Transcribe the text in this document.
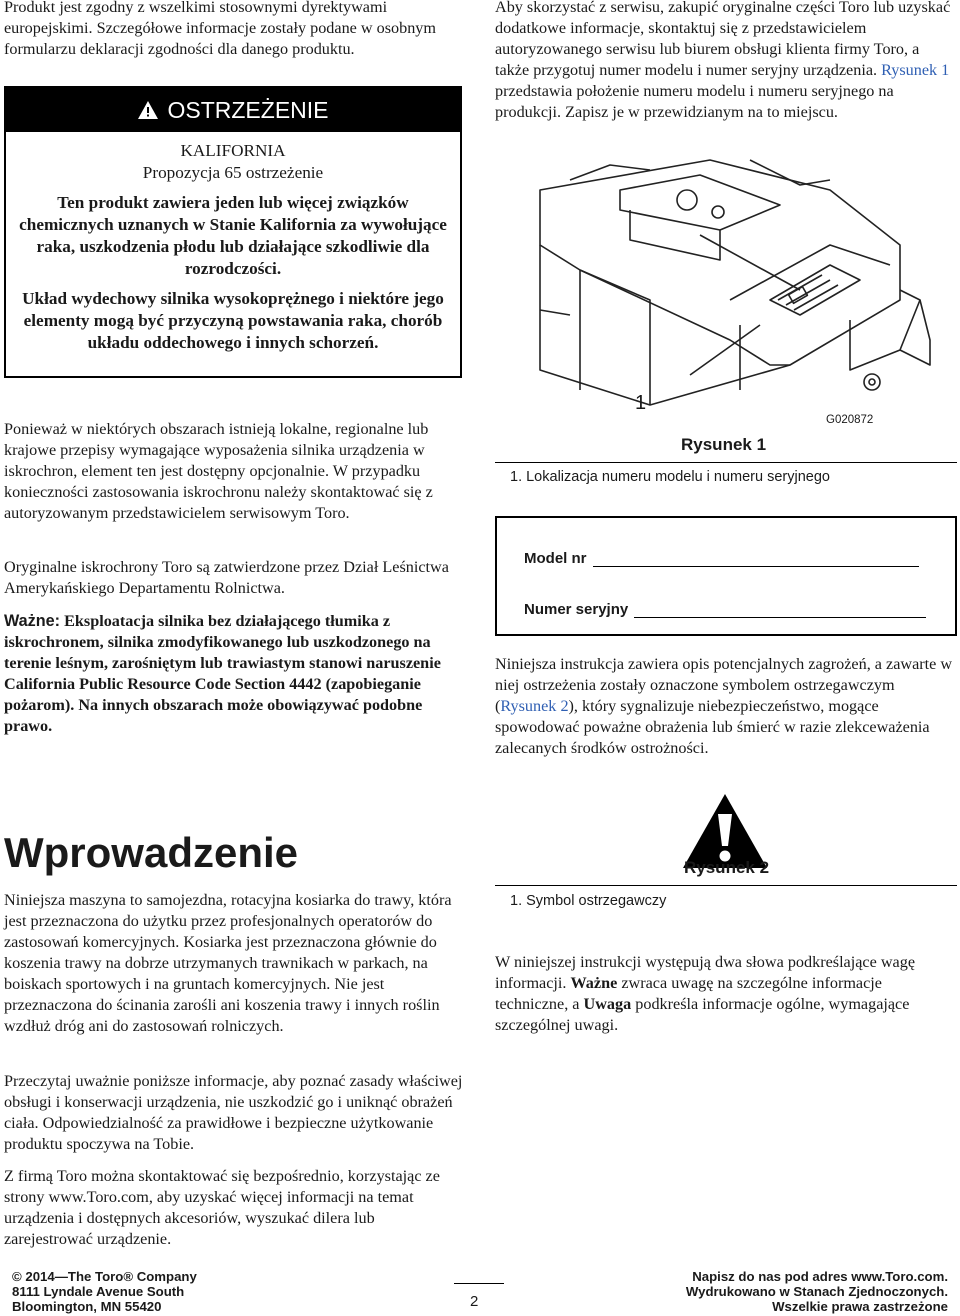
Produkt jest zgodny z wszelkimi stosownymi dyrektywami europejskimi. Szczegółowe informacje zostały podane w osobnym formularzu deklaracji zgodności dla danego produktu.

OSTRZEŻENIE
KALIFORNIA
Propozycja 65 ostrzeżenie
Ten produkt zawiera jeden lub więcej związków chemicznych uznanych w Stanie Kalifornia za wywołujące raka, uszkodzenia płodu lub działające szkodliwie dla rozrodczości.
Układ wydechowy silnika wysokoprężnego i niektóre jego elementy mogą być przyczyną powstawania raka, chorób układu oddechowego i innych schorzeń.

Ponieważ w niektórych obszarach istnieją lokalne, regionalne lub krajowe przepisy wymagające wyposażenia silnika urządzenia w iskrochron, element ten jest dostępny opcjonalnie. W przypadku konieczności zastosowania iskrochronu należy skontaktować się z autoryzowanym przedstawicielem serwisowym Toro.

Oryginalne iskrochrony Toro są zatwierdzone przez Dział Leśnictwa Amerykańskiego Departamentu Rolnictwa.

Ważne: Eksploatacja silnika bez działającego tłumika z iskrochronem, silnika zmodyfikowanego lub uszkodzonego na terenie leśnym, zarośniętym lub trawiastym stanowi naruszenie California Public Resource Code Section 4442 (zapobieganie pożarom). Na innych obszarach może obowiązywać podobne prawo.

Wprowadzenie

Niniejsza maszyna to samojezdna, rotacyjna kosiarka do trawy, która jest przeznaczona do użytku przez profesjonalnych operatorów do zastosowań komercyjnych. Kosiarka jest przeznaczona głównie do koszenia trawy na dobrze utrzymanych trawnikach w parkach, na boiskach sportowych i na gruntach komercyjnych. Nie jest przeznaczona do ścinania zarośli ani koszenia trawy i innych roślin wzdłuż dróg ani do zastosowań rolniczych.

Przeczytaj uważnie poniższe informacje, aby poznać zasady właściwej obsługi i konserwacji urządzenia, nie uszkodzić go i uniknąć obrażeń ciała. Odpowiedzialność za prawidłowe i bezpieczne użytkowanie produktu spoczywa na Tobie.

Z firmą Toro można skontaktować się bezpośrednio, korzystając ze strony www.Toro.com, aby uzyskać więcej informacji na temat urządzenia i dostępnych akcesoriów, wyszukać dilera lub zarejestrować urządzenie.

Aby skorzystać z serwisu, zakupić oryginalne części Toro lub uzyskać dodatkowe informacje, skontaktuj się z przedstawicielem autoryzowanego serwisu lub biurem obsługi klienta firmy Toro, a także przygotuj numer modelu i numer seryjny urządzenia. Rysunek 1 przedstawia położenie numeru modelu i numeru seryjnego na produkcji. Zapisz je w przewidzianym na to miejscu.

1
G020872
Rysunek 1
1. Lokalizacja numeru modelu i numeru seryjnego
Model nr
Numer seryjny

Niniejsza instrukcja zawiera opis potencjalnych zagrożeń, a zawarte w niej ostrzeżenia zostały oznaczone symbolem ostrzegawczym (Rysunek 2), który sygnalizuje niebezpieczeństwo, mogące spowodować poważne obrażenia lub śmierć w razie zlekceważenia zalecanych środków ostrożności.

Rysunek 2
1. Symbol ostrzegawczy

W niniejszej instrukcji występują dwa słowa podkreślające wagę informacji. Ważne zwraca uwagę na szczególne informacje techniczne, a Uwaga podkreśla informacje ogólne, wymagające szczególnej uwagi.

© 2014—The Toro® Company
8111 Lyndale Avenue South
Bloomington, MN 55420	2
Napisz do nas pod adres www.Toro.com.
Wydrukowano w Stanach Zjednoczonych.
Wszelkie prawa zastrzeżone
